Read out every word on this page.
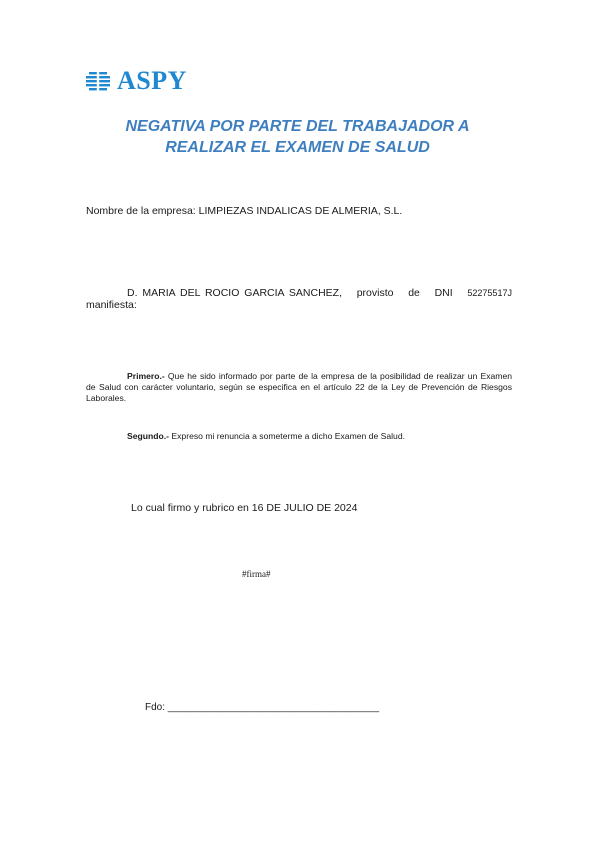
ASPY
NEGATIVA POR PARTE DEL TRABAJADOR A
REALIZAR EL EXAMEN DE SALUD
Nombre de la empresa: LIMPIEZAS INDALICAS DE ALMERIA, S.L.
D. MARIA DEL ROCIO GARCIA SANCHEZ, provisto de DNI 52275517J
manifiesta:
Primero.- Que he sido informado por parte de la empresa de la posibilidad de realizar un Examen de Salud con carácter voluntario, según se especifica en el artículo 22 de la Ley de Prevención de Riesgos Laborales.
Segundo.- Expreso mi renuncia a someterme a dicho Examen de Salud.
Lo cual firmo y rubrico en 16 DE JULIO DE 2024
#firma#
Fdo: ______________________________________
